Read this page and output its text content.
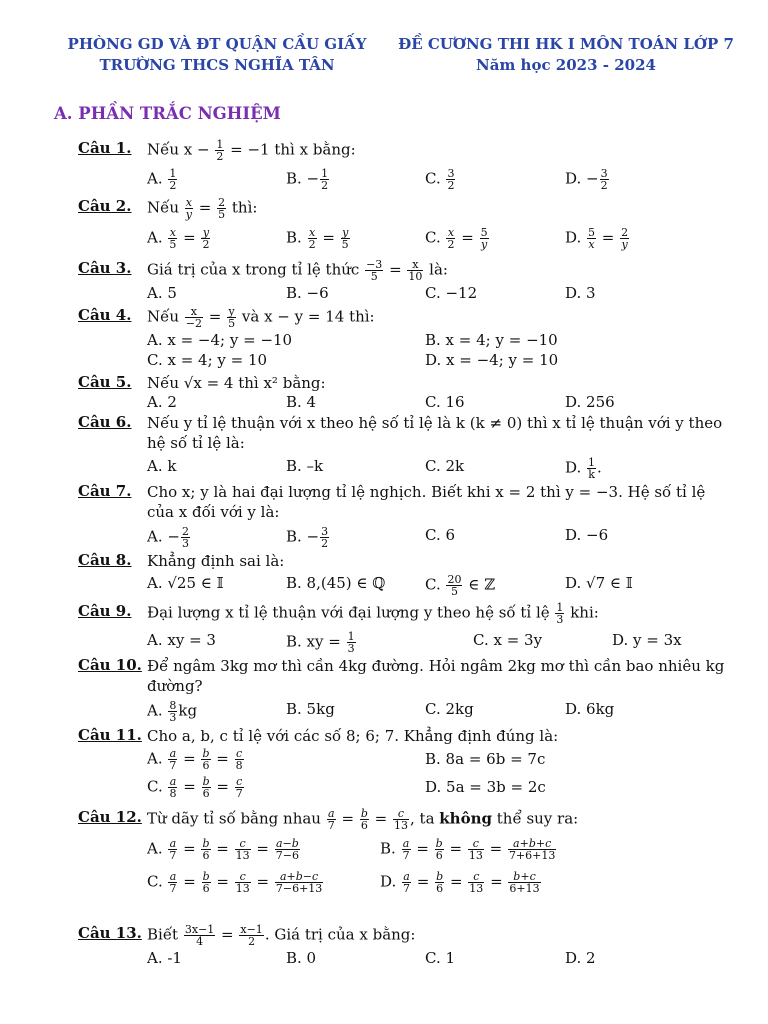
PHÒNG GD VÀ ĐT QUẬN CẦU GIẤY
TRƯỜNG THCS NGHĨA TÂN
ĐỀ CƯƠNG THI HK I MÔN TOÁN LỚP 7
Năm học 2023 - 2024
A. PHẦN TRẮC NGHIỆM
Câu 1. Nếu $x - \frac{1}{2} = -1$ thì x bằng:
A. $\frac{1}{2}$	B. − $\frac{1}{2}$	C. $\frac{3}{2}$	D. − $\frac{3}{2}$
Câu 2. Nếu $\frac{x}{y} = \frac{2}{5}$ thì:
A. $\frac{x}{5} = \frac{y}{2}$	B. $\frac{x}{2} = \frac{y}{5}$	C. $\frac{x}{2} = \frac{5}{y}$	D. $\frac{5}{x} = \frac{2}{y}$
Câu 3. Giá trị của x trong tỉ lệ thức $\frac{-3}{5} = \frac{x}{10}$ là:
A. 5	B. −6	C. −12	D. 3
Câu 4. Nếu $\frac{x}{-2} = \frac{y}{5}$ và x − y = 14 thì:
A. x = −4; y = −10	B. x = 4; y = −10
C. x = 4; y = 10	D. x = −4; y = 10
Câu 5. Nếu √x = 4 thì x² bằng:
A. 2	B. 4	C. 16	D. 256
Câu 6. Nếu y tỉ lệ thuận với x theo hệ số tỉ lệ là k (k ≠ 0) thì x tỉ lệ thuận với y theo hệ số tỉ lệ là:
A. k	B. –k	C. 2k	D. $\frac{1}{k}$ .
Câu 7. Cho x; y là hai đại lượng tỉ lệ nghịch. Biết khi x = 2 thì y = −3. Hệ số tỉ lệ của x đối với y là:
A. − $\frac{2}{3}$	B. − $\frac{3}{2}$	C. 6	D. −6
Câu 8. Khẳng định sai là:
A. √25 ∈ 𝕀	B. 8,(45) ∈ ℚ	C. $\frac{20}{5}$ ∈ ℤ	D. √7 ∈ 𝕀
Câu 9. Đại lượng x tỉ lệ thuận với đại lượng y theo hệ số tỉ lệ $\frac{1}{3}$ khi:
A. xy = 3	B. xy = $\frac{1}{3}$	C. x = 3y	D. y = 3x
Câu 10. Để ngâm 3kg mơ thì cần 4kg đường. Hỏi ngâm 2kg mơ thì cần bao nhiêu kg đường?
A. $\frac{8}{3}$ kg	B. 5kg	C. 2kg	D. 6kg
Câu 11. Cho a, b, c tỉ lệ với các số 8; 6; 7. Khẳng định đúng là:
A. $\frac{a}{7} = \frac{b}{6} = \frac{c}{8}$	B. 8a = 6b = 7c
C. $\frac{a}{8} = \frac{b}{6} = \frac{c}{7}$	D. 5a = 3b = 2c
Câu 12. Từ dãy tỉ số bằng nhau $\frac{a}{7} = \frac{b}{6} = \frac{c}{13}$ , ta không thể suy ra:
A. $\frac{a}{7} = \frac{b}{6} = \frac{c}{13} = \frac{a-b}{7-6}$	B. $\frac{a}{7} = \frac{b}{6} = \frac{c}{13} = \frac{a+b+c}{7+6+13}$
C. $\frac{a}{7} = \frac{b}{6} = \frac{c}{13} = \frac{a+b-c}{7-6+13}$	D. $\frac{a}{7} = \frac{b}{6} = \frac{c}{13} = \frac{b+c}{6+13}$
Câu 13. Biết $\frac{3x-1}{4} = \frac{x-1}{2}$ . Giá trị của x bằng:
A. -1	B. 0	C. 1	D. 2
